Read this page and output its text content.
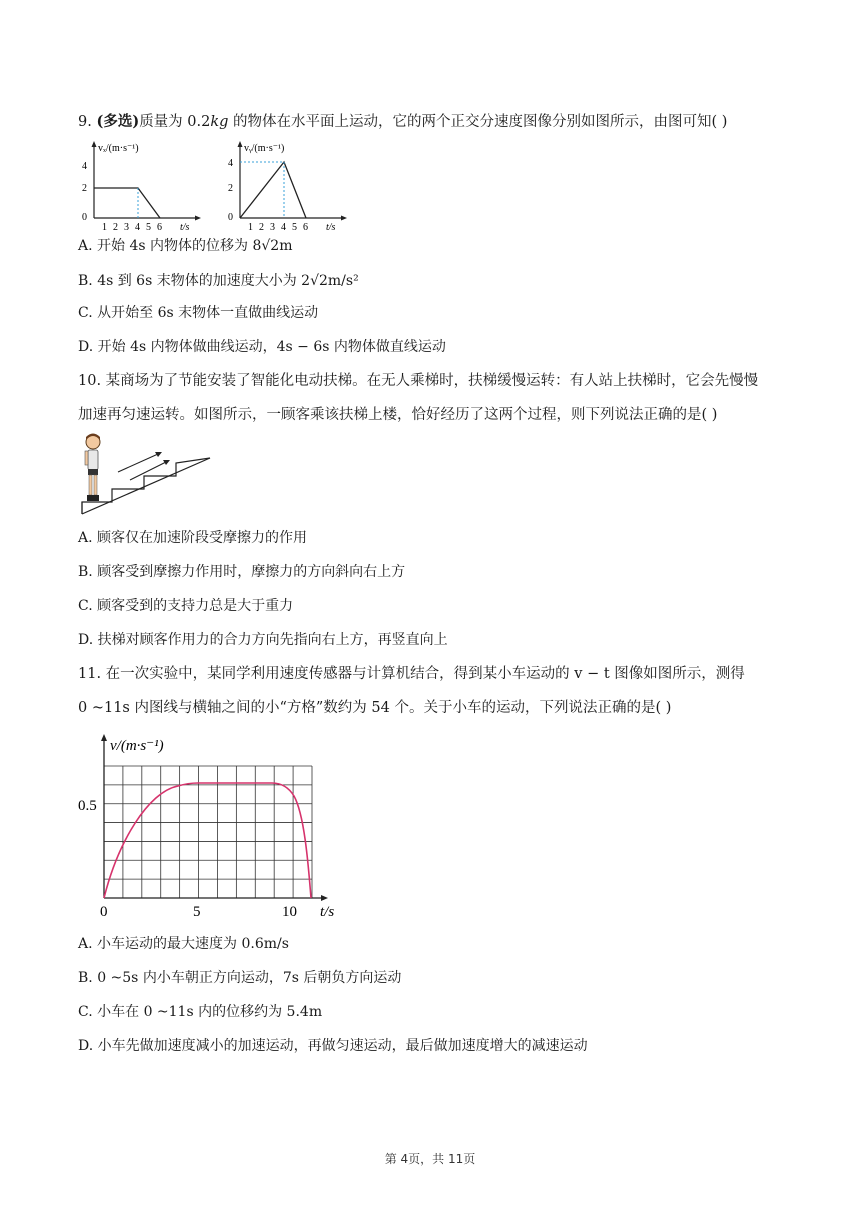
9. (多选)质量为 0.2kg 的物体在水平面上运动，它的两个正交分速度图像分别如图所示，由图可知( )
vₓ/(m·s⁻¹)
4
2
0
1 2 3 4 5 6 t/s
vᵧ/(m·s⁻¹)
4
2
0
1 2 3 4 5 6 t/s
A. 开始 4s 内物体的位移为 8√2m
B. 4s 到 6s 末物体的加速度大小为 2√2m/s²
C. 从开始至 6s 末物体一直做曲线运动
D. 开始 4s 内物体做曲线运动，4s − 6s 内物体做直线运动
10. 某商场为了节能安装了智能化电动扶梯。在无人乘梯时，扶梯缓慢运转：有人站上扶梯时，它会先慢慢
加速再匀速运转。如图所示，一顾客乘该扶梯上楼，恰好经历了这两个过程，则下列说法正确的是( )
A. 顾客仅在加速阶段受摩擦力的作用
B. 顾客受到摩擦力作用时，摩擦力的方向斜向右上方
C. 顾客受到的支持力总是大于重力
D. 扶梯对顾客作用力的合力方向先指向右上方，再竖直向上
11. 在一次实验中，某同学利用速度传感器与计算机结合，得到某小车运动的 v − t 图像如图所示，测得
0 ~11s 内图线与横轴之间的小“方格”数约为 54 个。关于小车的运动，下列说法正确的是( )
v/(m·s⁻¹)
0.5
0	5	10 t/s
A. 小车运动的最大速度为 0.6m/s
B. 0 ~5s 内小车朝正方向运动，7s 后朝负方向运动
C. 小车在 0 ~11s 内的位移约为 5.4m
D. 小车先做加速度减小的加速运动，再做匀速运动，最后做加速度增大的减速运动
第 4页，共 11页
